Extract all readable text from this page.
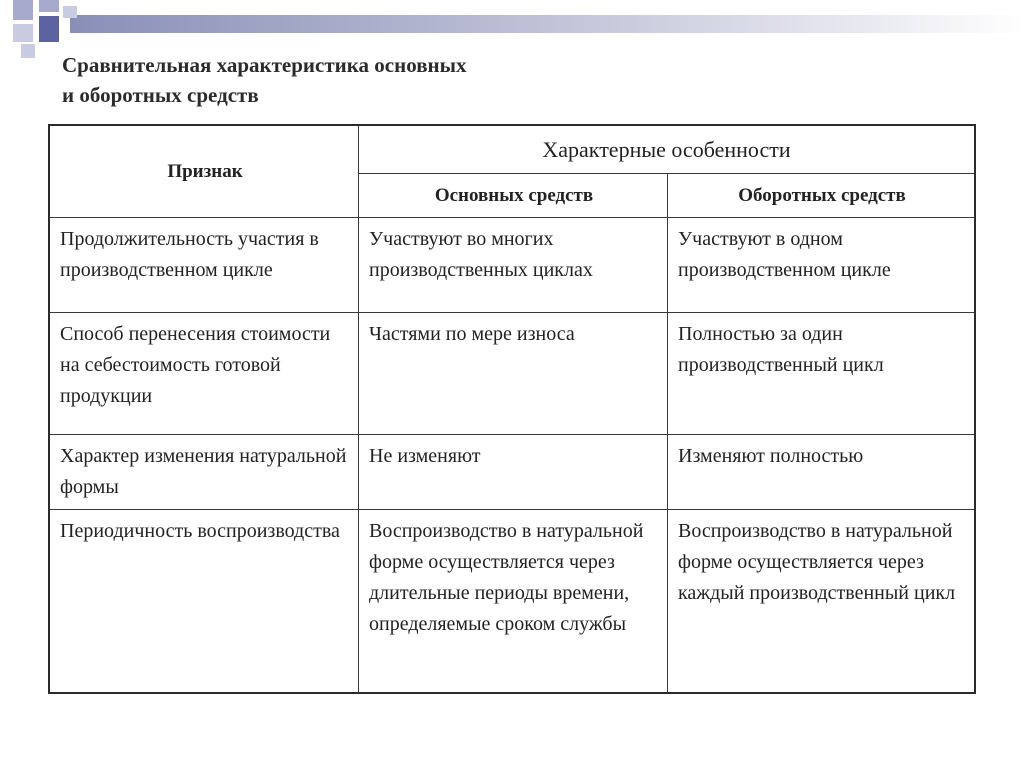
Сравнительная характеристика основных
и оборотных средств
Признак	Характерные особенности	
	Основных средств	Оборотных средств
Продолжительность участия в производственном цикле	Участвуют во многих производственных циклах	Участвуют в одном производственном цикле
Способ перенесения стоимости на себестоимость готовой продукции	Частями по мере износа	Полностью за один производственный цикл
Характер изменения натуральной формы	Не изменяют	Изменяют полностью
Периодичность воспроизводства	Воспроизводство в натуральной форме осуществляется через длительные периоды времени, определяемые сроком службы	Воспроизводство в натуральной форме осуществляется через каждый производственный цикл
